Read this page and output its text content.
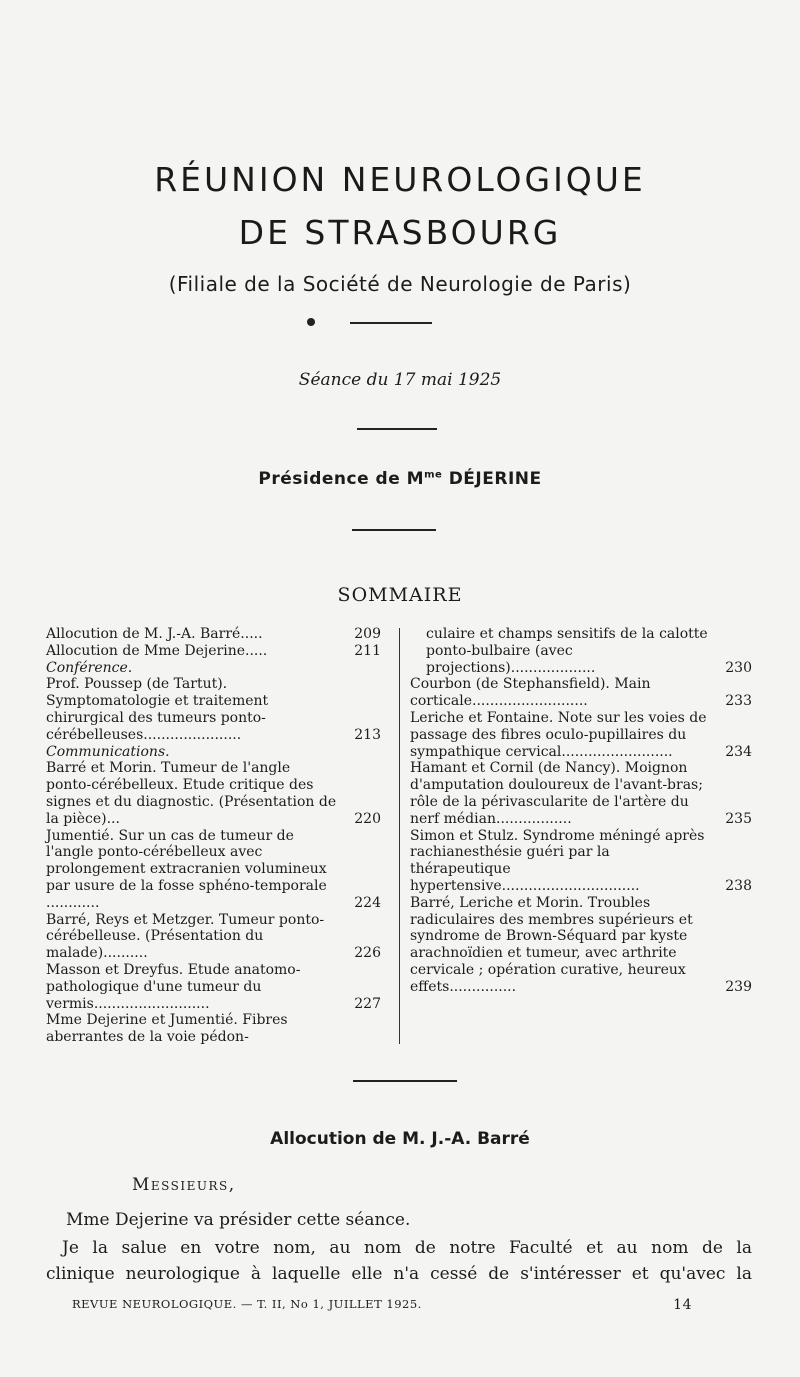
RÉUNION NEUROLOGIQUE
DE STRASBOURG
(Filiale de la Société de Neurologie de Paris)
Séance du 17 mai 1925
Présidence de $M^{me}$ DÉJERINE
SOMMAIRE
Allocution de M. J.-A. Barré.....	209
Allocution de Mme Dejerine.....	211
Conférence.
Prof. Poussep (de Tartut). Symptomatologie et traitement chirurgical des tumeurs ponto-cérébelleuses......................	213
Communications.
Barré et Morin. Tumeur de l'angle ponto-cérébelleux. Etude critique des signes et du diagnostic. (Présentation de la pièce)...	220
Jumentié. Sur un cas de tumeur de l'angle ponto-cérébelleux avec prolongement extracranien volumineux par usure de la fosse sphéno-temporale ............	224
Barré, Reys et Metzger. Tumeur ponto-cérébelleuse. (Présentation du malade)..........	226
Masson et Dreyfus. Etude anatomo-pathologique d'une tumeur du vermis..........................	227
Mme Dejerine et Jumentié. Fibres aberrantes de la voie pédon-
culaire et champs sensitifs de la calotte ponto-bulbaire (avec projections)...................	230
Courbon (de Stephansfield). Main corticale..........................	233
Leriche et Fontaine. Note sur les voies de passage des fibres oculo-pupillaires du sympathique cervical.........................	234
Hamant et Cornil (de Nancy). Moignon d'amputation douloureux de l'avant-bras; rôle de la périvascularite de l'artère du nerf médian.................	235
Simon et Stulz. Syndrome méningé après rachianesthésie guéri par la thérapeutique hypertensive...............................	238
Barré, Leriche et Morin. Troubles radiculaires des membres supérieurs et syndrome de Brown-Séquard par kyste arachnoïdien et tumeur, avec arthrite cervicale ; opération curative, heureux effets...............	239
Allocution de M. J.-A. Barré
Messieurs,
Mme Dejerine va présider cette séance.
Je la salue en votre nom, au nom de notre Faculté et au nom de la
clinique neurologique à laquelle elle n'a cessé de s'intéresser et qu'avec la
REVUE NEUROLOGIQUE. — T. II, No 1, JUILLET 1925.	14
